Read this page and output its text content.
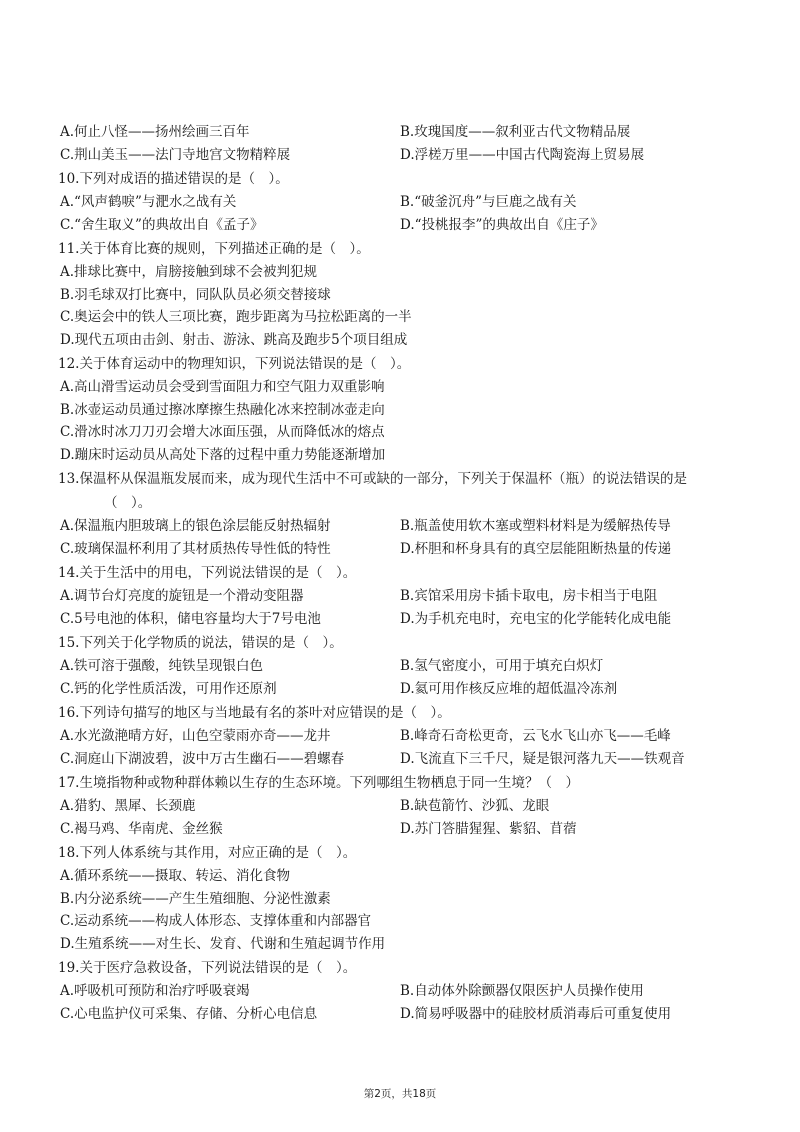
A.何止八怪——扬州绘画三百年	B.玫瑰国度——叙利亚古代文物精品展
C.荆山美玉——法门寺地宫文物精粹展	D.浮槎万里——中国古代陶瓷海上贸易展

10.下列对成语的描述错误的是（　）。

A.“风声鹤唳”与淝水之战有关	B.“破釜沉舟”与巨鹿之战有关
C.“舍生取义”的典故出自《孟子》	D.“投桃报李”的典故出自《庄子》

11.关于体育比赛的规则，下列描述正确的是（　）。

A.排球比赛中，肩膀接触到球不会被判犯规
B.羽毛球双打比赛中，同队队员必须交替接球
C.奥运会中的铁人三项比赛，跑步距离为马拉松距离的一半
D.现代五项由击剑、射击、游泳、跳高及跑步5个项目组成

12.关于体育运动中的物理知识，下列说法错误的是（　）。

A.高山滑雪运动员会受到雪面阻力和空气阻力双重影响
B.冰壶运动员通过擦冰摩擦生热融化冰来控制冰壶走向
C.滑冰时冰刀刀刃会增大冰面压强，从而降低冰的熔点
D.蹦床时运动员从高处下落的过程中重力势能逐渐增加

13.保温杯从保温瓶发展而来，成为现代生活中不可或缺的一部分，下列关于保温杯（瓶）的说法错误的是

（　）。

A.保温瓶内胆玻璃上的银色涂层能反射热辐射	B.瓶盖使用软木塞或塑料材料是为缓解热传导
C.玻璃保温杯利用了其材质热传导性低的特性	D.杯胆和杯身具有的真空层能阻断热量的传递

14.关于生活中的用电，下列说法错误的是（　）。

A.调节台灯亮度的旋钮是一个滑动变阻器	B.宾馆采用房卡插卡取电，房卡相当于电阻
C.5号电池的体积，储电容量均大于7号电池	D.为手机充电时，充电宝的化学能转化成电能

15.下列关于化学物质的说法，错误的是（　）。

A.铁可溶于强酸，纯铁呈现银白色	B.氢气密度小，可用于填充白炽灯
C.钙的化学性质活泼，可用作还原剂	D.氦可用作核反应堆的超低温冷冻剂

16.下列诗句描写的地区与当地最有名的茶叶对应错误的是（　）。

A.水光潋滟晴方好，山色空蒙雨亦奇——龙井	B.峰奇石奇松更奇，云飞水飞山亦飞——毛峰
C.洞庭山下湖波碧，波中万古生幽石——碧螺春	D.飞流直下三千尺，疑是银河落九天——铁观音

17.生境指物种或物种群体赖以生存的生态环境。下列哪组生物栖息于同一生境？（　）

A.猎豹、黑犀、长颈鹿	B.缺苞箭竹、沙狐、龙眼
C.褐马鸡、华南虎、金丝猴	D.苏门答腊猩猩、紫貂、苜蓿

18.下列人体系统与其作用，对应正确的是（　）。

A.循环系统——摄取、转运、消化食物
B.内分泌系统——产生生殖细胞、分泌性激素
C.运动系统——构成人体形态、支撑体重和内部器官
D.生殖系统——对生长、发育、代谢和生殖起调节作用

19.关于医疗急救设备，下列说法错误的是（　）。

A.呼吸机可预防和治疗呼吸衰竭	B.自动体外除颤器仅限医护人员操作使用
C.心电监护仪可采集、存储、分析心电信息	D.简易呼吸器中的硅胶材质消毒后可重复使用
第2页，共18页
